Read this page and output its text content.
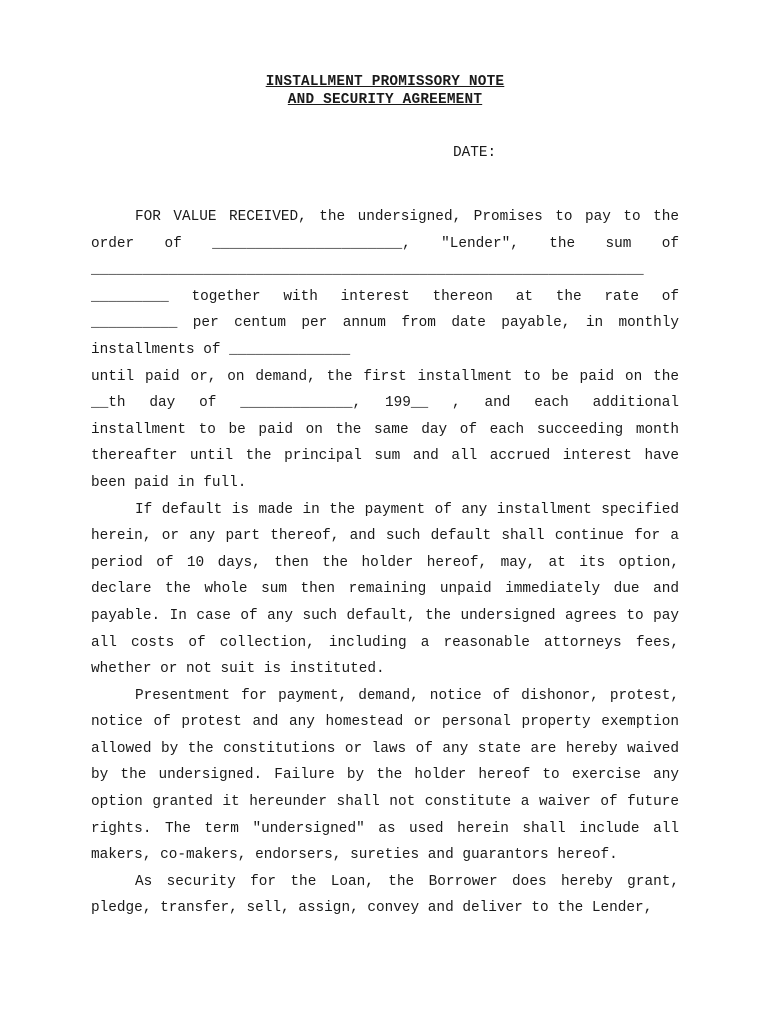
INSTALLMENT PROMISSORY NOTE
AND SECURITY AGREEMENT
DATE:
FOR VALUE RECEIVED, the undersigned, Promises to pay to the
order of ______________________, "Lender", the sum of
________________________________________________________________
_________ together with interest thereon at the rate of
__________ per centum per annum from date payable, in monthly
installments of ______________
until paid or, on demand, the first installment to be paid on the
__th day of _____________, 199__ , and each additional
installment to be paid on the same day of each succeeding month
thereafter until the principal sum and all accrued interest have
been paid in full.

If default is made in the payment of any installment specified herein, or any part thereof, and such default shall continue for a period of 10 days, then the holder hereof, may, at its option, declare the whole sum then remaining unpaid immediately due and payable. In case of any such default, the undersigned agrees to pay all costs of collection, including a reasonable attorneys fees, whether or not suit is instituted.

Presentment for payment, demand, notice of dishonor, protest, notice of protest and any homestead or personal property exemption allowed by the constitutions or laws of any state are hereby waived by the undersigned. Failure by the holder hereof to exercise any option granted it hereunder shall not constitute a waiver of future rights. The term "undersigned" as used herein shall include all makers, co-makers, endorsers, sureties and guarantors hereof.

As security for the Loan, the Borrower does hereby grant, pledge, transfer, sell, assign, convey and deliver to the Lender,
